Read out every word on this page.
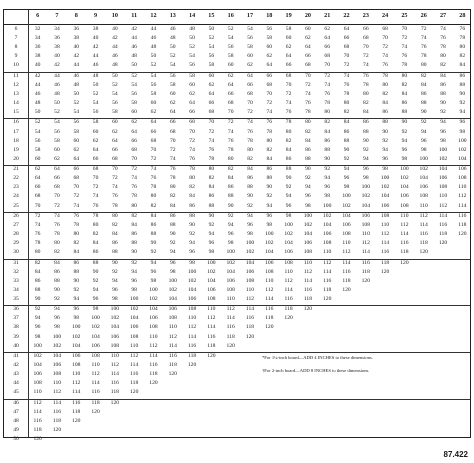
6	7	8	9	10	11	12	13	14	15	16	17	18	19	20	21	22	23	24	25	26	27	28
6	32	34	36	38	40	42	44	46	48	50	52	54	56	58	60	62	64	66	68	70	72	74	76
7	34	36	38	40	42	44	46	48	50	52	54	56	58	60	62	64	66	68	70	72	74	76	78
8	36	38	40	42	44	46	48	50	52	54	56	58	60	62	64	66	68	70	72	74	76	78	80
9	38	40	42	44	46	48	50	52	54	56	58	60	62	64	66	68	70	72	74	76	78	80	82
10	40	42	44	46	48	50	52	54	56	58	60	62	64	66	68	70	72	74	76	78	80	82	84
11	42	44	46	48	50	52	54	56	58	60	62	64	66	68	70	72	74	76	78	80	82	84	86
12	44	46	48	50	52	54	56	58	60	62	64	66	68	70	72	74	76	78	80	82	84	86	88
13	46	48	50	52	54	56	58	60	62	64	66	68	70	72	74	76	78	80	82	84	86	88	90
14	48	50	52	54	56	58	60	62	64	66	68	70	72	74	76	78	80	82	84	86	88	90	92
15	50	52	54	56	58	60	62	64	66	68	70	72	74	76	78	80	82	84	86	88	90	92	94
16	52	54	56	58	60	62	64	66	68	70	72	74	76	78	80	82	84	86	88	90	92	94	96
17	54	56	58	60	62	64	66	68	70	72	74	76	78	80	82	84	86	88	90	92	94	96	98
18	56	58	60	62	64	66	68	70	72	74	76	78	80	82	84	86	88	90	92	94	96	98	100
19	58	60	62	64	66	68	70	72	74	76	78	80	82	84	86	88	90	92	94	96	98	100	102
20	60	62	64	66	68	70	72	74	76	78	80	82	84	86	88	90	92	94	96	98	100	102	104
21	62	64	66	68	70	72	74	76	78	80	82	84	86	88	90	92	94	96	98	100	102	104	106
22	64	66	68	70	72	74	76	78	80	82	84	86	88	90	92	94	96	98	100	102	104	106	108
23	66	68	70	72	74	76	78	80	82	84	86	88	90	92	94	96	98	100	102	104	106	108	110
24	68	70	72	74	76	78	80	82	84	86	88	90	92	94	96	98	100	102	104	106	108	110	112
25	70	72	74	76	78	80	82	84	86	88	90	92	94	96	98	100	102	104	106	108	110	112	114
26	72	74	76	78	80	82	84	86	88	90	92	94	96	98	100	102	104	106	108	110	112	114	116
27	74	76	78	80	82	84	86	88	90	92	94	96	98	100	102	104	106	108	110	112	114	116	118
28	76	78	80	82	84	86	88	90	92	94	96	98	100	102	104	106	108	110	112	114	116	118	120
29	78	80	82	84	86	88	90	92	94	96	98	100	102	104	106	108	110	112	114	116	118	120
30	80	82	84	86	88	90	92	94	96	98	100	102	104	106	108	110	112	114	116	118	120
31	82	84	86	88	90	92	94	96	98	100	102	104	106	108	110	112	114	116	118	120
32	84	86	88	90	92	94	96	98	100	102	104	106	108	110	112	114	116	118	120
33	86	88	90	92	94	96	98	100	102	104	106	108	110	112	114	116	118	120
34	88	90	92	94	96	98	100	102	104	106	108	110	112	114	116	118	120
35	90	92	94	96	98	100	102	104	106	108	110	112	114	116	118	120
36	92	94	96	98	100	102	104	106	108	110	112	114	116	118	120
37	94	96	98	100	102	104	106	108	110	112	114	116	118	120
38	96	98	100	102	104	106	108	110	112	114	116	118	120
39	98	100	102	104	106	108	110	112	114	116	118	120
40	100	102	104	106	108	110	112	114	116	118	120
41	102	104	106	108	110	112	114	116	118	120
42	104	106	108	110	112	114	116	118	120
43	106	108	110	112	114	116	118	120
44	108	110	112	114	116	118	120
45	110	112	114	116	118	120
46	112	114	116	118	120
47	114	116	118	120
48	116	118	120
49	118	120
50	120
*For 1¼-inch board—ADD 4 INCHES to these dimensions.
†For 2-inch board—ADD 8 INCHES to these dimensions.
87.422
